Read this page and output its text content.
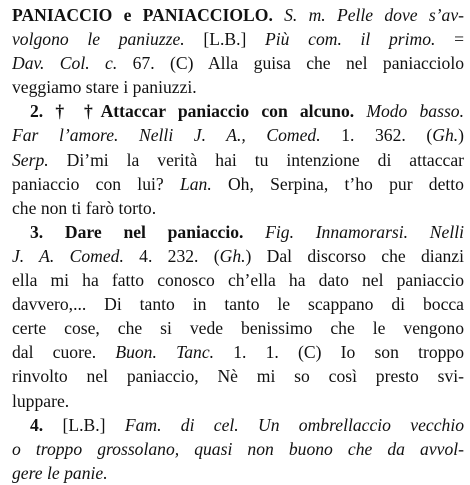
PANIACCIO e PANIACCIOLO. S. m. Pelle dove s’av-
volgono le paniuzze. [L.B.] Più com. il primo. =
Dav. Col. c. 67. (C) Alla guisa che nel paniacciolo
veggiamo stare i paniuzzi.
2. † †Attaccar paniaccio con alcuno. Modo basso.
Far l’amore. Nelli J. A., Comed. 1. 362. (Gh.)
Serp. Di’mi la verità hai tu intenzione di attaccar
paniaccio con lui? Lan. Oh, Serpina, t’ho pur detto
che non ti farò torto.
3. Dare nel paniaccio. Fig. Innamorarsi. Nelli
J. A. Comed. 4. 232. (Gh.) Dal discorso che dianzi
ella mi ha fatto conosco ch’ella ha dato nel paniaccio
davvero,... Di tanto in tanto le scappano di bocca
certe cose, che si vede benissimo che le vengono
dal cuore. Buon. Tanc. 1. 1. (C) Io son troppo
rinvolto nel paniaccio, Nè mi so così presto svi-
luppare.
4. [L.B.] Fam. di cel. Un ombrellaccio vecchio
o troppo grossolano, quasi non buono che da avvol-
gere le panie.
